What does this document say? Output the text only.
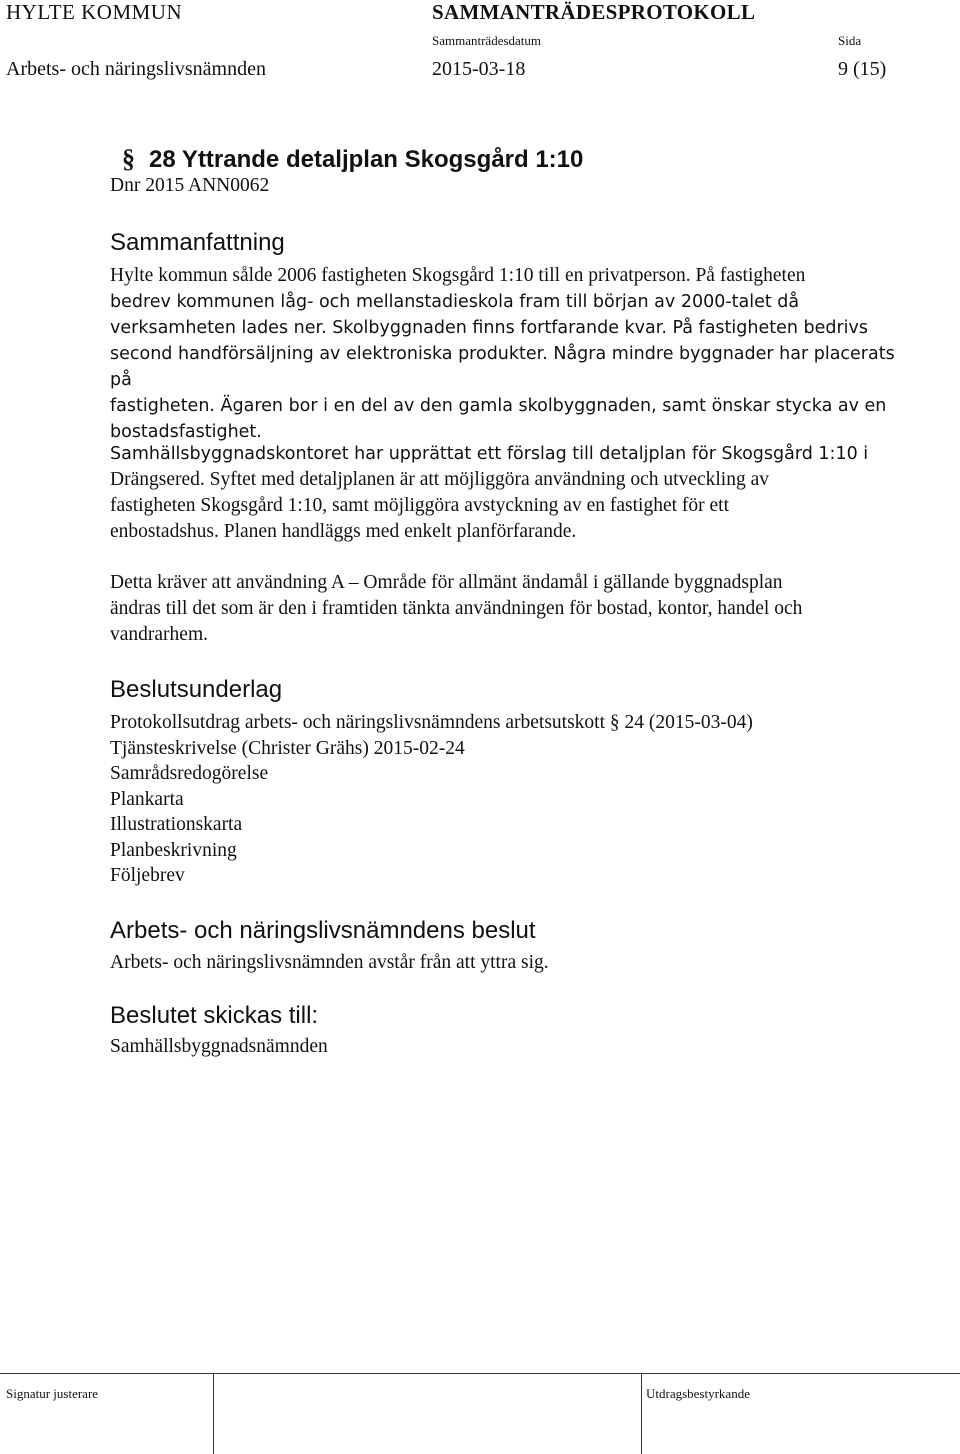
HYLTE KOMMUN	SAMMANTRÄDESPROTOKOLL
Sammanträdesdatum	Sida
Arbets- och näringslivsnämnden	2015-03-18	9 (15)
§ 28 Yttrande detaljplan Skogsgård 1:10
Dnr 2015 ANN0062
Sammanfattning
Hylte kommun sålde 2006 fastigheten Skogsgård 1:10 till en privatperson. På fastigheten
bedrev kommunen låg- och mellanstadieskola fram till början av 2000-talet då
verksamheten lades ner. Skolbyggnaden finns fortfarande kvar. På fastigheten bedrivs
second handförsäljning av elektroniska produkter. Några mindre byggnader har placerats på
fastigheten. Ägaren bor i en del av den gamla skolbyggnaden, samt önskar stycka av en
bostadsfastighet.
Samhällsbyggnadskontoret har upprättat ett förslag till detaljplan för Skogsgård 1:10 i
Drängsered. Syftet med detaljplanen är att möjliggöra användning och utveckling av
fastigheten Skogsgård 1:10, samt möjliggöra avstyckning av en fastighet för ett
enbostadshus. Planen handläggs med enkelt planförfarande.
Detta kräver att användning A – Område för allmänt ändamål i gällande byggnadsplan
ändras till det som är den i framtiden tänkta användningen för bostad, kontor, handel och
vandrarhem.
Beslutsunderlag
Protokollsutdrag arbets- och näringslivsnämndens arbetsutskott § 24 (2015-03-04)
Tjänsteskrivelse (Christer Grähs) 2015-02-24
Samrådsredogörelse
Plankarta
Illustrationskarta
Planbeskrivning
Följebrev
Arbets- och näringslivsnämndens beslut
Arbets- och näringslivsnämnden avstår från att yttra sig.
Beslutet skickas till:
Samhällsbyggnadsnämnden
Signatur justerare	Utdragsbestyrkande
